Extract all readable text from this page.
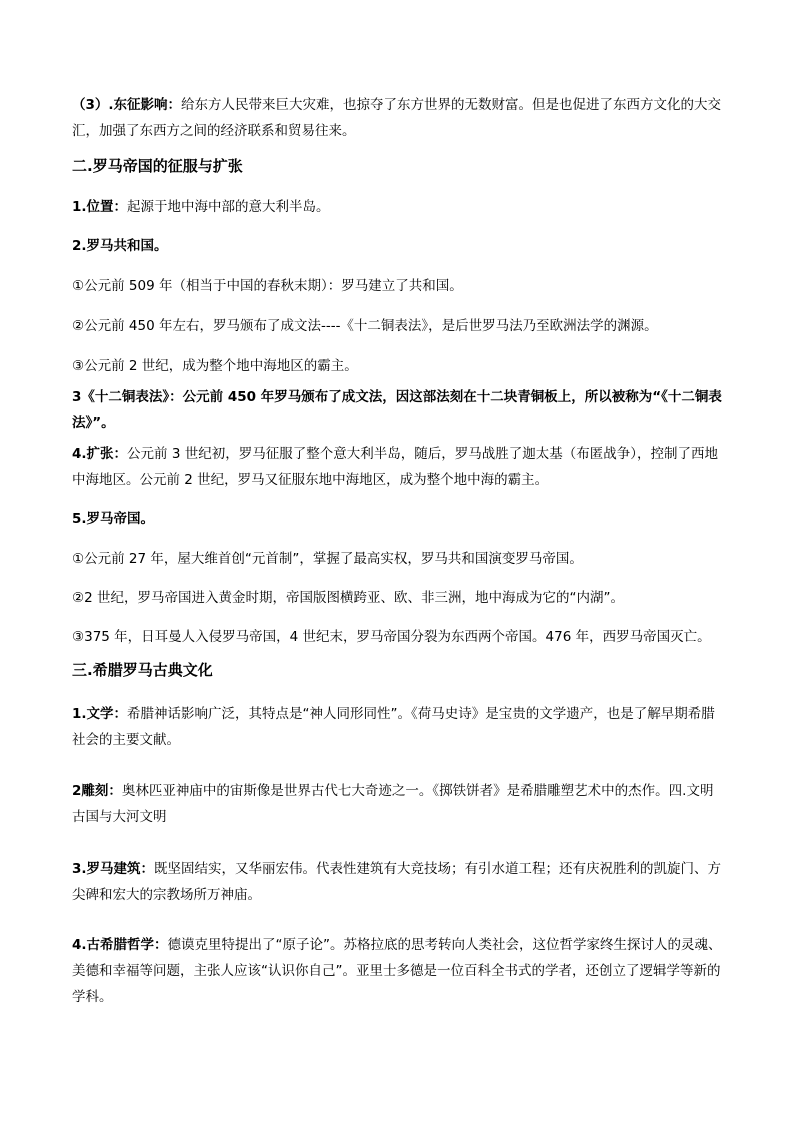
（3）.东征影响：给东方人民带来巨大灾难，也掠夺了东方世界的无数财富。但是也促进了东西方文化的大交汇，加强了东西方之间的经济联系和贸易往来。

二.罗马帝国的征服与扩张

1.位置：起源于地中海中部的意大利半岛。

2.罗马共和国。

①公元前 509 年（相当于中国的春秋末期）：罗马建立了共和国。

②公元前 450 年左右，罗马颁布了成文法----《十二铜表法》，是后世罗马法乃至欧洲法学的渊源。

③公元前 2 世纪，成为整个地中海地区的霸主。

3《十二铜表法》：公元前 450 年罗马颁布了成文法，因这部法刻在十二块青铜板上，所以被称为“《十二铜表法》”。

4.扩张：公元前 3 世纪初，罗马征服了整个意大利半岛，随后，罗马战胜了迦太基（布匿战争），控制了西地中海地区。公元前 2 世纪，罗马又征服东地中海地区，成为整个地中海的霸主。

5.罗马帝国。

①公元前 27 年，屋大维首创“元首制”，掌握了最高实权，罗马共和国演变罗马帝国。

②2 世纪，罗马帝国进入黄金时期，帝国版图横跨亚、欧、非三洲，地中海成为它的“内湖”。

③375 年，日耳曼人入侵罗马帝国，4 世纪末，罗马帝国分裂为东西两个帝国。476 年，西罗马帝国灭亡。

三.希腊罗马古典文化

1.文学：希腊神话影响广泛，其特点是“神人同形同性”。《荷马史诗》是宝贵的文学遗产，也是了解早期希腊社会的主要文献。

2雕刻：奥林匹亚神庙中的宙斯像是世界古代七大奇迹之一。《掷铁饼者》是希腊雕塑艺术中的杰作。四.文明古国与大河文明

3.罗马建筑：既坚固结实，又华丽宏伟。代表性建筑有大竞技场；有引水道工程；还有庆祝胜利的凯旋门、方尖碑和宏大的宗教场所万神庙。

4.古希腊哲学：德谟克里特提出了“原子论”。苏格拉底的思考转向人类社会，这位哲学家终生探讨人的灵魂、美德和幸福等问题，主张人应该“认识你自己”。亚里士多德是一位百科全书式的学者，还创立了逻辑学等新的学科。
